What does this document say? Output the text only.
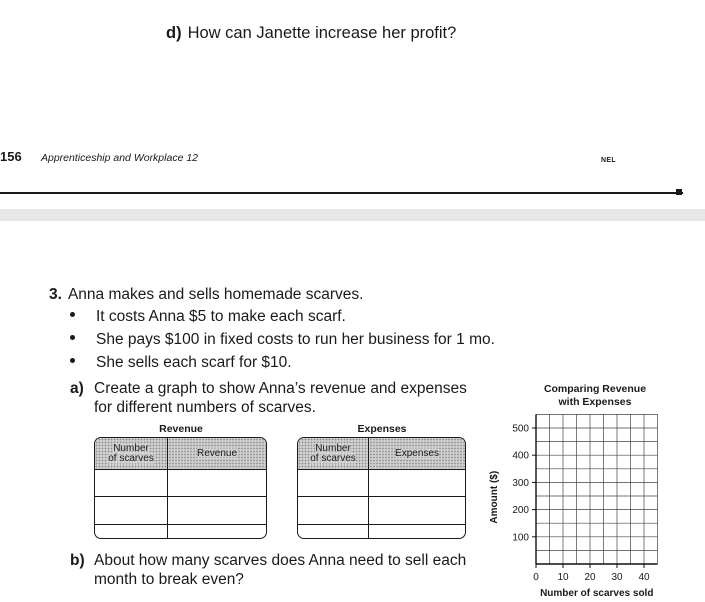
d) How can Janette increase her profit?
156 Apprenticeship and Workplace 12	NEL
3. Anna makes and sells homemade scarves.
It costs Anna $5 to make each scarf.
She pays $100 in fixed costs to run her business for 1 mo.
She sells each scarf for $10.
a) Create a graph to show Anna’s revenue and expenses
for different numbers of scarves.
Revenue
Number
of scarves	Revenue

Expenses
Number
of scarves	Expenses

b) About how many scarves does Anna need to sell each
month to break even?
Comparing Revenue
with Expenses
100
200
300
400
500
0 10 20 30 40
Number of scarves sold
Amount ($)
